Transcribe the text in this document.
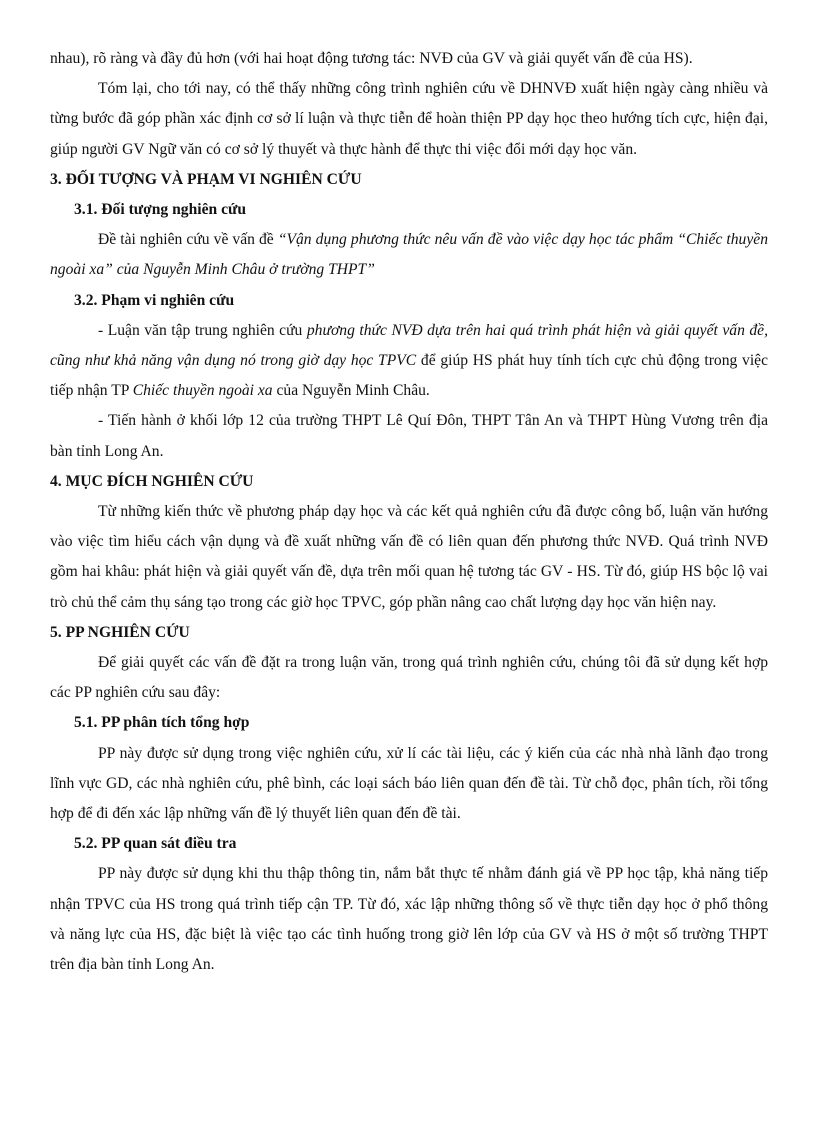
nhau), rõ ràng và đầy đủ hơn (với hai hoạt động tương tác: NVĐ của GV và giải quyết vấn đề của HS).

Tóm lại, cho tới nay, có thể thấy những công trình nghiên cứu về DHNVĐ xuất hiện ngày càng nhiều và từng bước đã góp phần xác định cơ sở lí luận và thực tiễn để hoàn thiện PP dạy học theo hướng tích cực, hiện đại, giúp người GV Ngữ văn có cơ sở lý thuyết và thực hành để thực thi việc đổi mới dạy học văn.

3. ĐỐI TƯỢNG VÀ PHẠM VI NGHIÊN CỨU
3.1. Đối tượng nghiên cứu

Đề tài nghiên cứu về vấn đề “Vận dụng phương thức nêu vấn đề vào việc dạy học tác phẩm “Chiếc thuyền ngoài xa” của Nguyễn Minh Châu ở trường THPT”

3.2. Phạm vi nghiên cứu

- Luận văn tập trung nghiên cứu phương thức NVĐ dựa trên hai quá trình phát hiện và giải quyết vấn đề, cũng như khả năng vận dụng nó trong giờ dạy học TPVC để giúp HS phát huy tính tích cực chủ động trong việc tiếp nhận TP Chiếc thuyền ngoài xa của Nguyễn Minh Châu.

- Tiến hành ở khối lớp 12 của trường THPT Lê Quí Đôn, THPT Tân An và THPT Hùng Vương trên địa bàn tỉnh Long An.

4. MỤC ĐÍCH NGHIÊN CỨU

Từ những kiến thức về phương pháp dạy học và các kết quả nghiên cứu đã được công bố, luận văn hướng vào việc tìm hiểu cách vận dụng và đề xuất những vấn đề có liên quan đến phương thức NVĐ. Quá trình NVĐ gồm hai khâu: phát hiện và giải quyết vấn đề, dựa trên mối quan hệ tương tác GV - HS. Từ đó, giúp HS bộc lộ vai trò chủ thể cảm thụ sáng tạo trong các giờ học TPVC, góp phần nâng cao chất lượng dạy học văn hiện nay.

5. PP NGHIÊN CỨU

Để giải quyết các vấn đề đặt ra trong luận văn, trong quá trình nghiên cứu, chúng tôi đã sử dụng kết hợp các PP nghiên cứu sau đây:

5.1. PP phân tích tổng hợp

PP này được sử dụng trong việc nghiên cứu, xử lí các tài liệu, các ý kiến của các nhà nhà lãnh đạo trong lĩnh vực GD, các nhà nghiên cứu, phê bình, các loại sách báo liên quan đến đề tài. Từ chỗ đọc, phân tích, rồi tổng hợp để đi đến xác lập những vấn đề lý thuyết liên quan đến đề tài.

5.2. PP quan sát điều tra

PP này được sử dụng khi thu thập thông tin, nắm bắt thực tế nhằm đánh giá về PP học tập, khả năng tiếp nhận TPVC của HS trong quá trình tiếp cận TP. Từ đó, xác lập những thông số về thực tiễn dạy học ở phổ thông và năng lực của HS, đặc biệt là việc tạo các tình huống trong giờ lên lớp của GV và HS ở một số trường THPT trên địa bàn tỉnh Long An.
